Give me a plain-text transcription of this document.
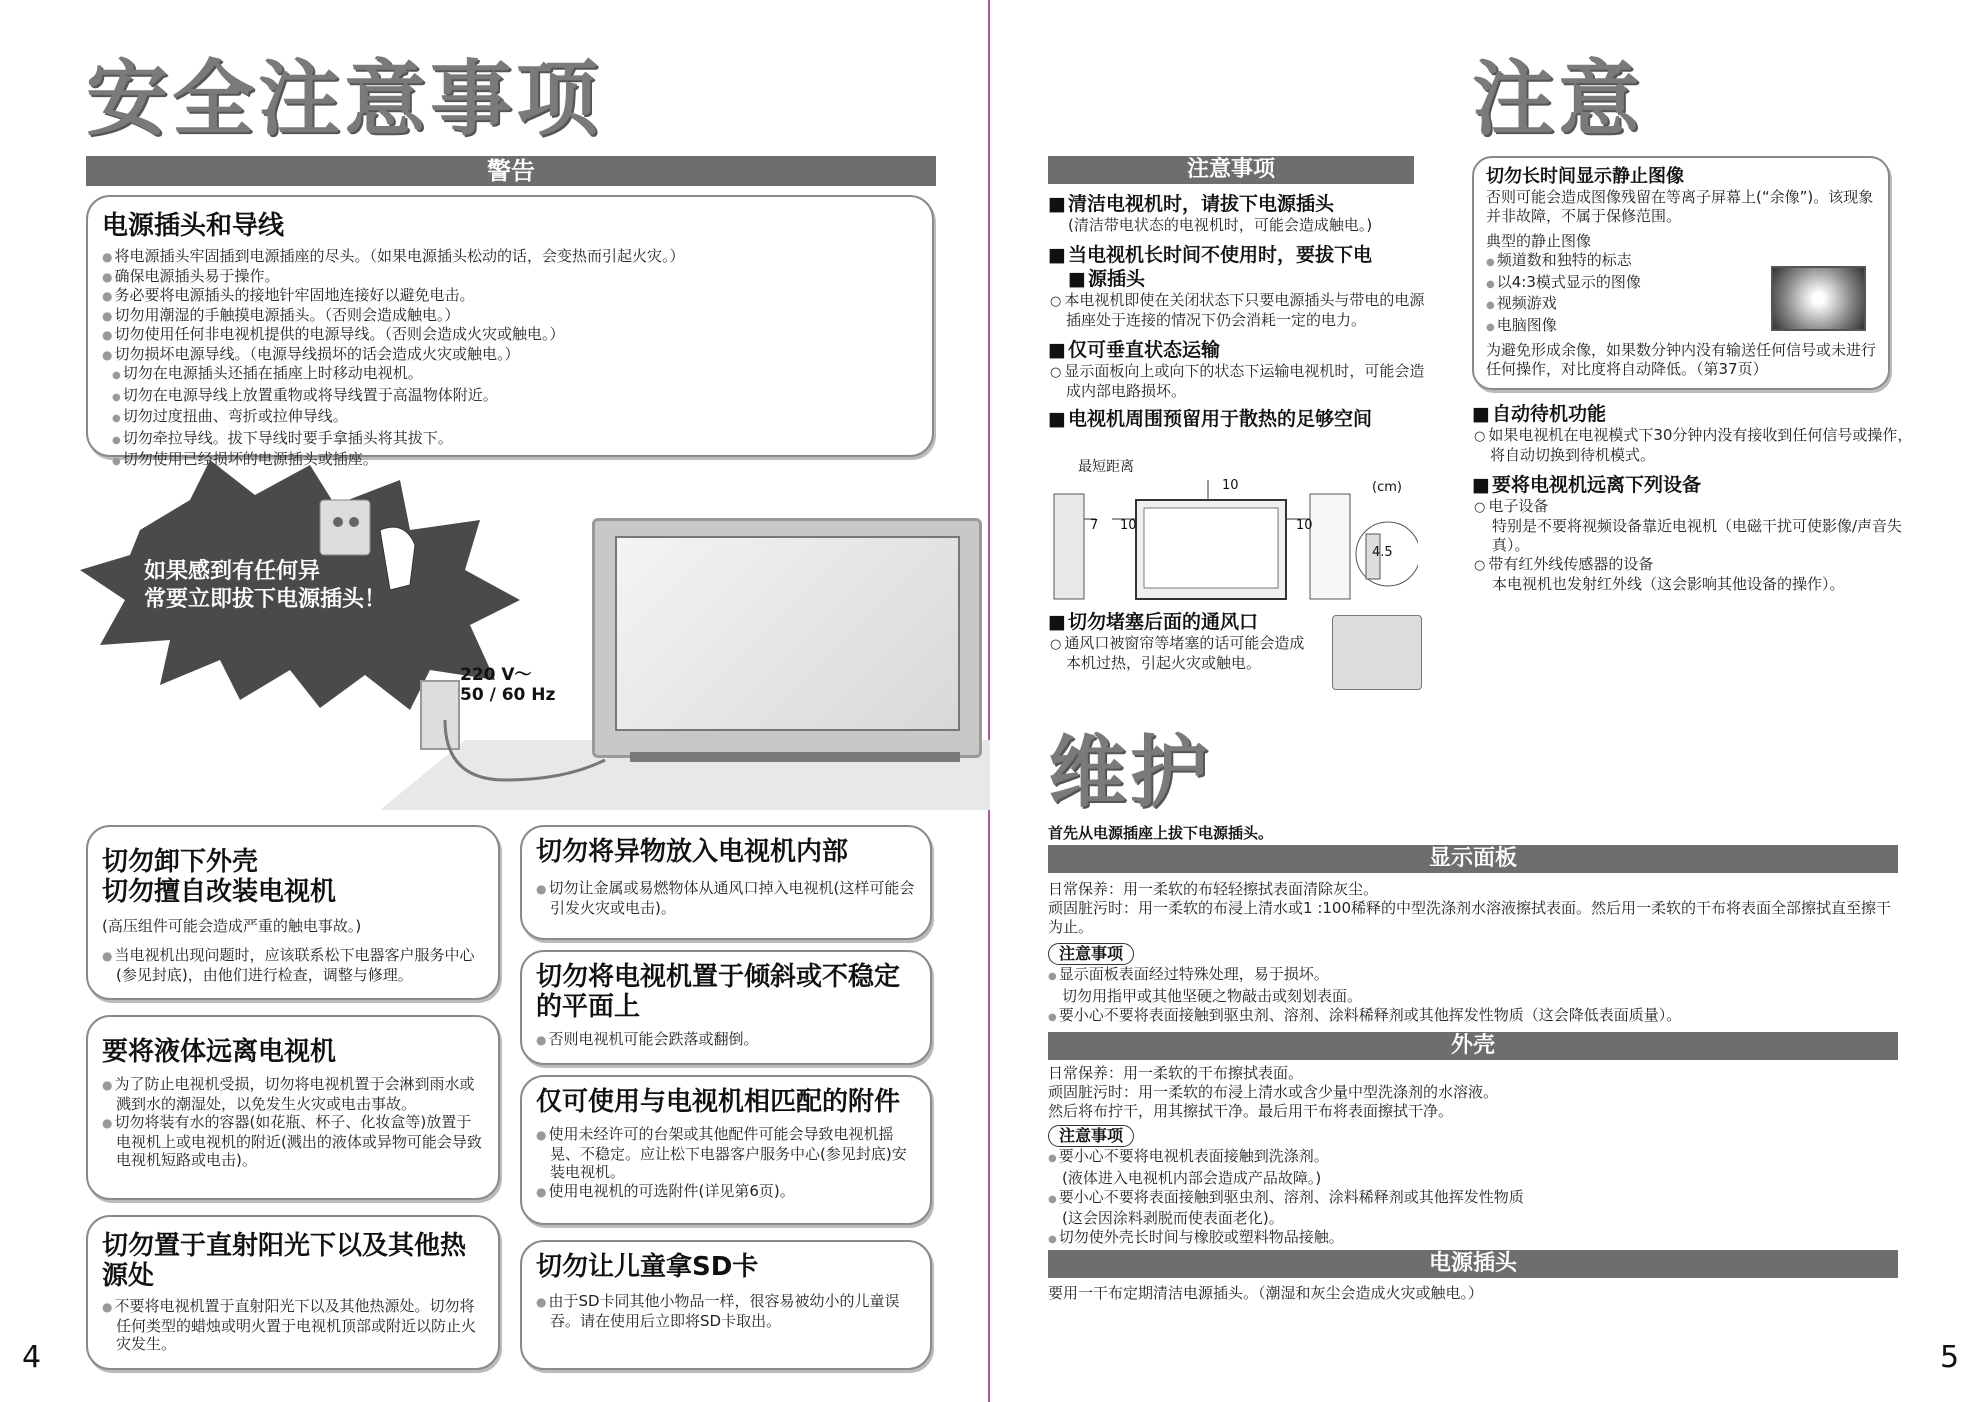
安全注意事项
警告
电源插头和导线
● 将电源插头牢固插到电源插座的尽头。（如果电源插头松动的话，会变热而引起火灾。）
● 确保电源插头易于操作。
● 务必要将电源插头的接地针牢固地连接好以避免电击。
● 切勿用潮湿的手触摸电源插头。（否则会造成触电。）
● 切勿使用任何非电视机提供的电源导线。（否则会造成火灾或触电。）
● 切勿损坏电源导线。（电源导线损坏的话会造成火灾或触电。）
● 切勿在电源插头还插在插座上时移动电视机。
● 切勿在电源导线上放置重物或将导线置于高温物体附近。
● 切勿过度扭曲、弯折或拉伸导线。
● 切勿牵拉导线。拔下导线时要手拿插头将其拔下。
● 切勿使用已经损坏的电源插头或插座。
如果感到有任何异
常要立即拔下电源插头！
220 V～
50 / 60 Hz
切勿卸下外壳
切勿擅自改装电视机
(高压组件可能会造成严重的触电事故。)
● 当电视机出现问题时，应该联系松下电器客户服务中心(参见封底)，由他们进行检查，调整与修理。
要将液体远离电视机
● 为了防止电视机受损，切勿将电视机置于会淋到雨水或溅到水的潮湿处，以免发生火灾或电击事故。
● 切勿将装有水的容器(如花瓶、杯子、化妆盒等)放置于电视机上或电视机的附近(溅出的液体或异物可能会导致电视机短路或电击)。
切勿置于直射阳光下以及其他热源处
● 不要将电视机置于直射阳光下以及其他热源处。切勿将任何类型的蜡烛或明火置于电视机顶部或附近以防止火灾发生。
切勿将异物放入电视机内部
● 切勿让金属或易燃物体从通风口掉入电视机(这样可能会引发火灾或电击)。
切勿将电视机置于倾斜或不稳定的平面上
● 否则电视机可能会跌落或翻倒。
仅可使用与电视机相匹配的附件
● 使用未经许可的台架或其他配件可能会导致电视机摇晃、不稳定。应让松下电器客户服务中心(参见封底)安装电视机。
● 使用电视机的可选附件(详见第6页)。
切勿让儿童拿SD卡
● 由于SD卡同其他小物品一样，很容易被幼小的儿童误吞。请在使用后立即将SD卡取出。
4
注意
注意事项
■ 清洁电视机时，请拔下电源插头
(清洁带电状态的电视机时，可能会造成触电。)
■ 当电视机长时间不使用时，要拔下电
■ 源插头
○ 本电视机即使在关闭状态下只要电源插头与带电的电源插座处于连接的情况下仍会消耗一定的电力。
■ 仅可垂直状态运输
○ 显示面板向上或向下的状态下运输电视机时，可能会造成内部电路损坏。
■ 电视机周围预留用于散热的足够空间
最短距离
10
7 10	10
(cm)
4.5
■ 切勿堵塞后面的通风口
○ 通风口被窗帘等堵塞的话可能会造成本机过热，引起火灾或触电。
切勿长时间显示静止图像
否则可能会造成图像残留在等离子屏幕上(“余像”)。该现象并非故障，不属于保修范围。
典型的静止图像
● 频道数和独特的标志
● 以4:3模式显示的图像
● 视频游戏
● 电脑图像
为避免形成余像，如果数分钟内没有输送任何信号或未进行任何操作，对比度将自动降低。（第37页）
■ 自动待机功能
○ 如果电视机在电视模式下30分钟内没有接收到任何信号或操作，将自动切换到待机模式。
■ 要将电视机远离下列设备
○ 电子设备
特别是不要将视频设备靠近电视机（电磁干扰可使影像/声音失真）。
○ 带有红外线传感器的设备
本电视机也发射红外线（这会影响其他设备的操作）。
维护
首先从电源插座上拔下电源插头。
显示面板
日常保养：用一柔软的布轻轻擦拭表面清除灰尘。
顽固脏污时：用一柔软的布浸上清水或1 :100稀释的中型洗涤剂水溶液擦拭表面。然后用一柔软的干布将表面全部擦拭直至擦干为止。
注意事项
● 显示面板表面经过特殊处理，易于损坏。
切勿用指甲或其他坚硬之物敲击或刻划表面。
● 要小心不要将表面接触到驱虫剂、溶剂、涂料稀释剂或其他挥发性物质（这会降低表面质量）。
外壳
日常保养：用一柔软的干布擦拭表面。
顽固脏污时：用一柔软的布浸上清水或含少量中型洗涤剂的水溶液。
然后将布拧干，用其擦拭干净。最后用干布将表面擦拭干净。
注意事项
● 要小心不要将电视机表面接触到洗涤剂。
(液体进入电视机内部会造成产品故障。)
● 要小心不要将表面接触到驱虫剂、溶剂、涂料稀释剂或其他挥发性物质
(这会因涂料剥脱而使表面老化)。
● 切勿使外壳长时间与橡胶或塑料物品接触。
电源插头
要用一干布定期清洁电源插头。（潮湿和灰尘会造成火灾或触电。）
5
